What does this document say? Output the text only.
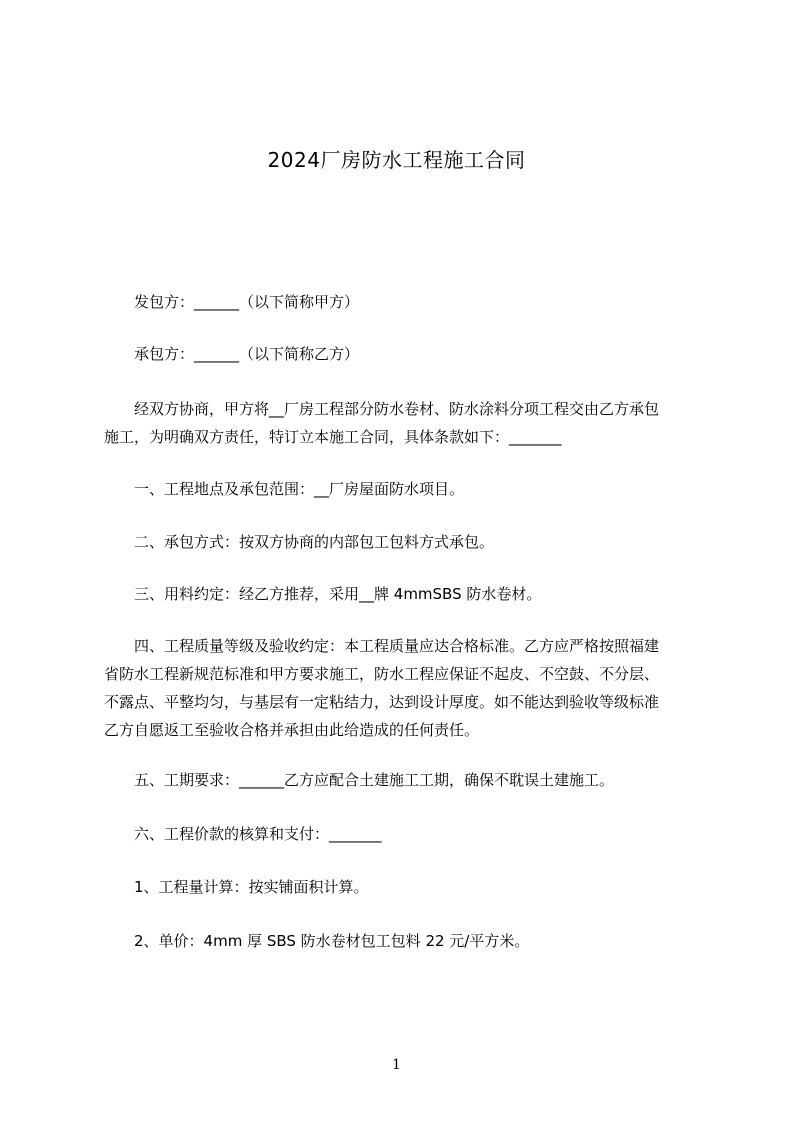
2024厂房防水工程施工合同
　　发包方：______（以下简称甲方）
　　承包方：______（以下简称乙方）
　　经双方协商，甲方将__厂房工程部分防水卷材、防水涂料分项工程交由乙方承包
施工，为明确双方责任，特订立本施工合同，具体条款如下：_______
　　一、工程地点及承包范围：__厂房屋面防水项目。
　　二、承包方式：按双方协商的内部包工包料方式承包。
　　三、用料约定：经乙方推荐，采用__牌 4mmSBS 防水卷材。
　　四、工程质量等级及验收约定：本工程质量应达合格标准。乙方应严格按照福建
省防水工程新规范标准和甲方要求施工，防水工程应保证不起皮、不空鼓、不分层、
不露点、平整均匀，与基层有一定粘结力，达到设计厚度。如不能达到验收等级标准
乙方自愿返工至验收合格并承担由此给造成的任何责任。
　　五、工期要求：______乙方应配合土建施工工期，确保不耽误土建施工。
　　六、工程价款的核算和支付：_______
　　1、工程量计算：按实铺面积计算。
　　2、单价：4mm 厚 SBS 防水卷材包工包料 22 元/平方米。
1
